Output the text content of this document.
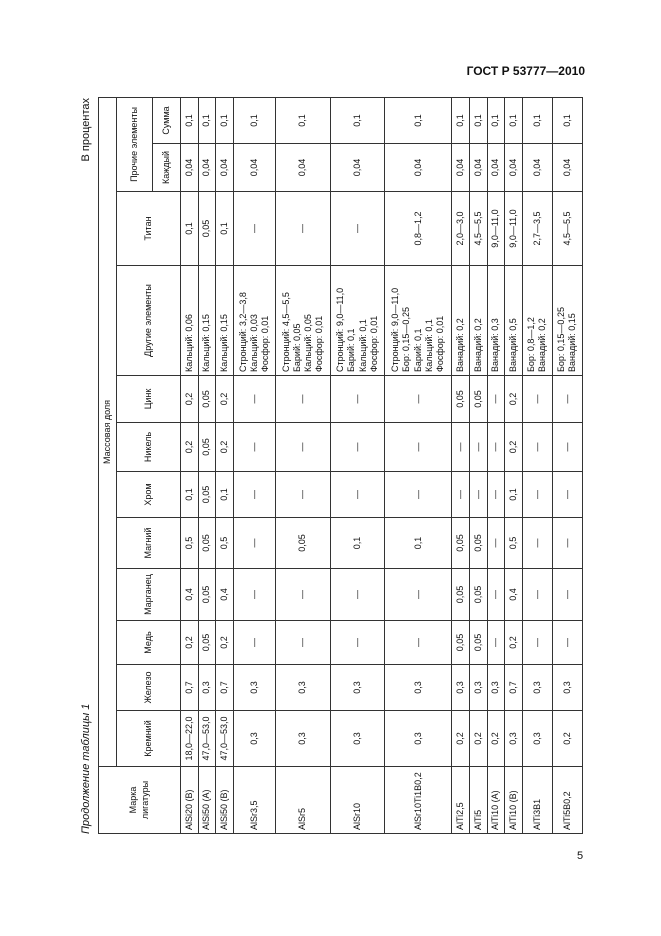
ГОСТ Р 53777—2010
Продолжение таблицы 1
В процентах
Марка лигатуры	Массовая доля											
	Кремний	Железо	Медь	Марганец	Магний	Хром	Никель	Цинк	Другие элементы	Титан	Прочие элементы	
											Каждый	Сумма
AlSi20 (В)	18,0—22,0	0,7	0,2	0,4	0,5	0,1	0,2	0,2	Кальций: 0,06	0,1	0,04	0,1
AlSi50 (А)	47,0—53,0	0,3	0,05	0,05	0,05	0,05	0,05	0,05	Кальций: 0,15	0,05	0,04	0,1
AlSi50 (В)	47,0—53,0	0,7	0,2	0,4	0,5	0,1	0,2	0,2	Кальций: 0,15	0,1	0,04	0,1
AlSr3,5	0,3	0,3	—	—	—	—	—	—	Стронций: 3,2—3,8
Кальций: 0,03
Фосфор: 0,01	—	0,04	0,1
AlSr5	0,3	0,3	—	—	0,05	—	—	—	Стронций: 4,5—5,5
Барий: 0,05
Кальций: 0,05
Фосфор: 0,01	—	0,04	0,1
AlSr10	0,3	0,3	—	—	0,1	—	—	—	Стронций: 9,0—11,0
Барий: 0,1
Кальций: 0,1
Фосфор: 0,01	—	0,04	0,1
AlSr10Ti1B0,2	0,3	0,3	—	—	0,1	—	—	—	Стронций: 9,0—11,0
Бор: 0,15—0,25
Барий: 0,1
Кальций: 0,1
Фосфор: 0,01	0,8—1,2	0,04	0,1
AlTi2,5	0,2	0,3	0,05	0,05	0,05	—	—	0,05	Ванадий: 0,2	2,0—3,0	0,04	0,1
AlTi5	0,2	0,3	0,05	0,05	0,05	—	—	0,05	Ванадий: 0,2	4,5—5,5	0,04	0,1
AlTi10 (А)	0,2	0,3	—	—	—	—	—	—	Ванадий: 0,3	9,0—11,0	0,04	0,1
AlTi10 (В)	0,3	0,7	0,2	0,4	0,5	0,1	0,2	0,2	Ванадий: 0,5	9,0—11,0	0,04	0,1
AlTi3B1	0,3	0,3	—	—	—	—	—	—	Бор: 0,8—1,2
Ванадий: 0,2	2,7—3,5	0,04	0,1
AlTi5B0,2	0,2	0,3	—	—	—	—	—	—	Бор: 0,15—0,25
Ванадий: 0,15	4,5—5,5	0,04	0,1
5
